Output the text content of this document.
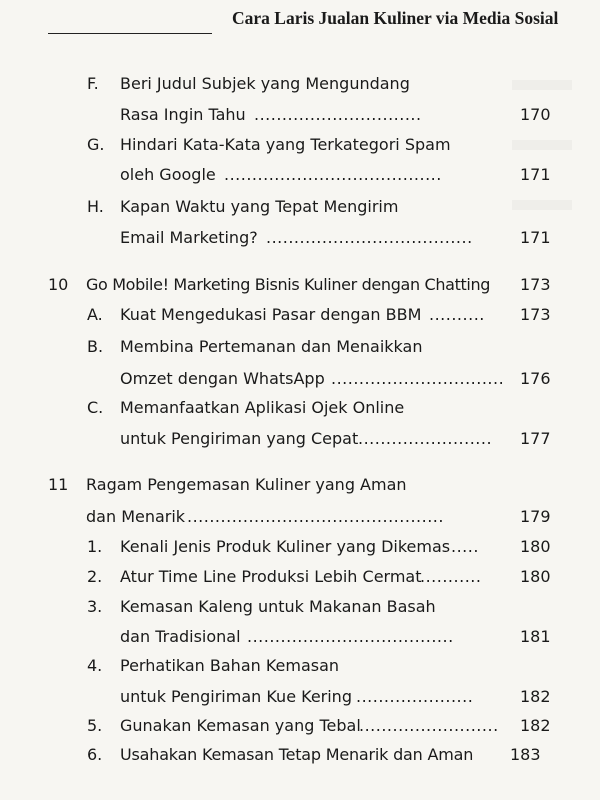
Cara Laris Jualan Kuliner via Media Sosial
F. Beri Judul Subjek yang Mengundang
Rasa Ingin Tahu ..............................	170
G. Hindari Kata-Kata yang Terkategori Spam
oleh Google .......................................	171
H. Kapan Waktu yang Tepat Mengirim
Email Marketing? .....................................	171
10 Go Mobile! Marketing Bisnis Kuliner dengan Chatting 173
A. Kuat Mengedukasi Pasar dengan BBM .......... 173
B. Membina Pertemanan dan Menaikkan
Omzet dengan WhatsApp ............................... 176
C. Memanfaatkan Aplikasi Ojek Online
untuk Pengiriman yang Cepat ........................ 177
11 Ragam Pengemasan Kuliner yang Aman
dan Menarik ..............................................	179
1. Kenali Jenis Produk Kuliner yang Dikemas .....	180
2. Atur Time Line Produksi Lebih Cermat
........... 180
3. Kemasan Kaleng untuk Makanan Basah
dan Tradisional .....................................	181
4. Perhatikan Bahan Kemasan
untuk Pengiriman Kue Kering .....................	182
5. Gunakan Kemasan yang Tebal
......................... 182
6. Usahakan Kemasan Tetap Menarik dan Aman 183
